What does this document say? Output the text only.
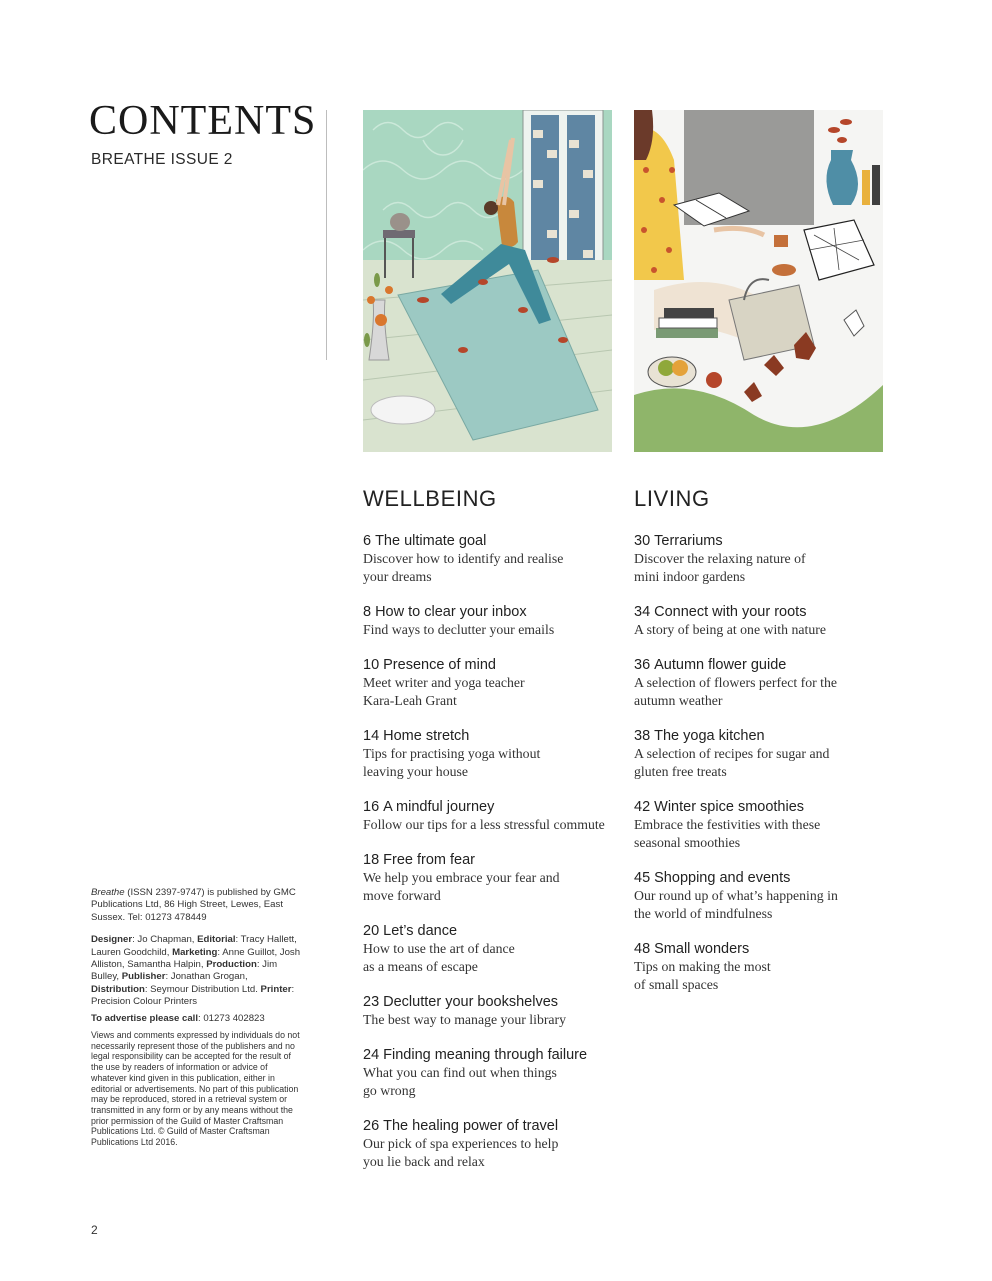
CONTENTS
BREATHE ISSUE 2
WELLBEING
6 The ultimate goal
Discover how to identify and realise
your dreams
8 How to clear your inbox
Find ways to declutter your emails
10 Presence of mind
Meet writer and yoga teacher
Kara-Leah Grant
14 Home stretch
Tips for practising yoga without
leaving your house
16 A mindful journey
Follow our tips for a less stressful commute
18 Free from fear
We help you embrace your fear and
move forward
20 Let’s dance
How to use the art of dance
as a means of escape
23 Declutter your bookshelves
The best way to manage your library
24 Finding meaning through failure
What you can find out when things
go wrong
26 The healing power of travel
Our pick of spa experiences to help
you lie back and relax
LIVING
30 Terrariums
Discover the relaxing nature of
mini indoor gardens
34 Connect with your roots
A story of being at one with nature
36 Autumn flower guide
A selection of flowers perfect for the
autumn weather
38 The yoga kitchen
A selection of recipes for sugar and
gluten free treats
42 Winter spice smoothies
Embrace the festivities with these
seasonal smoothies
45 Shopping and events
Our round up of what’s happening in
the world of mindfulness
48 Small wonders
Tips on making the most
of small spaces

Breathe (ISSN 2397-9747) is published by GMC Publications Ltd, 86 High Street, Lewes, East Sussex. Tel: 01273 478449

Designer: Jo Chapman, Editorial: Tracy Hallett, Lauren Goodchild, Marketing: Anne Guillot, Josh Alliston, Samantha Halpin, Production: Jim Bulley, Publisher: Jonathan Grogan, Distribution: Seymour Distribution Ltd. Printer: Precision Colour Printers

To advertise please call: 01273 402823

Views and comments expressed by individuals do not necessarily represent those of the publishers and no legal responsibility can be accepted for the result of the use by readers of information or advice of whatever kind given in this publication, either in editorial or advertisements. No part of this publication may be reproduced, stored in a retrieval system or transmitted in any form or by any means without the prior permission of the Guild of Master Craftsman Publications Ltd. © Guild of Master Craftsman Publications Ltd 2016.

2
